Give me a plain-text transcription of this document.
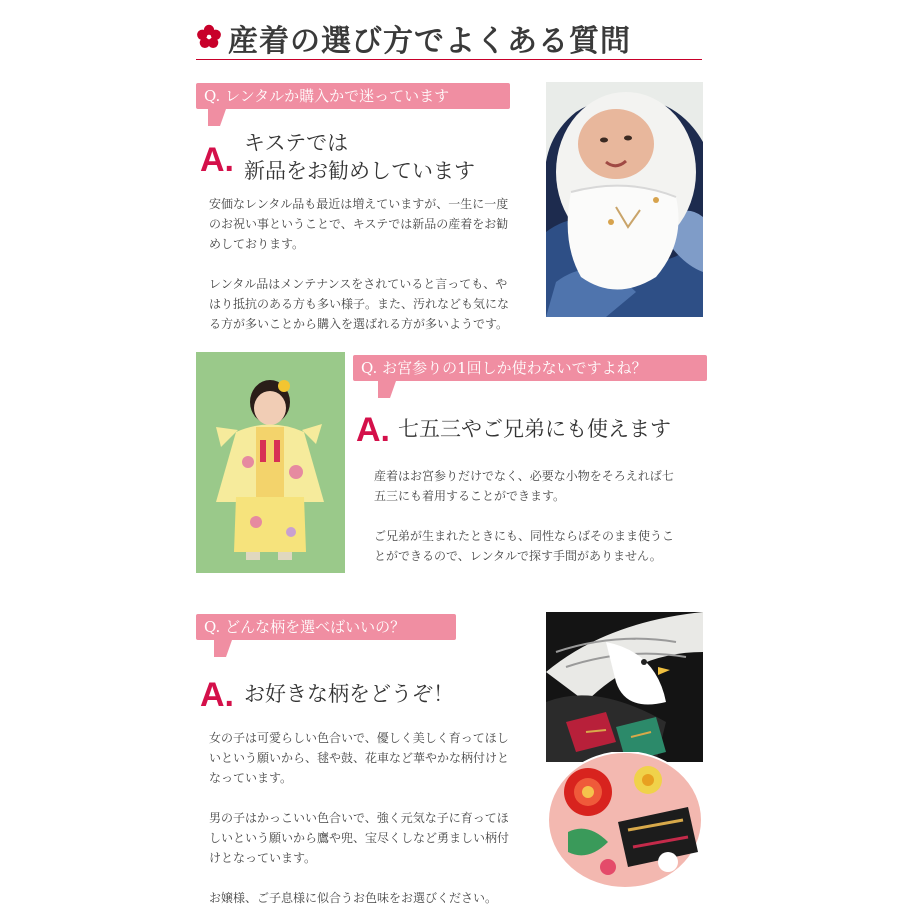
産着の選び方でよくある質問
Q. レンタルか購入かで迷っています
A. キステでは
新品をお勧めしています

安価なレンタル品も最近は増えていますが、一生に一度

のお祝い事ということで、キステでは新品の産着をお勧

めしております。

レンタル品はメンテナンスをされていると言っても、や

はり抵抗のある方も多い様子。また、汚れなども気にな

る方が多いことから購入を選ばれる方が多いようです。

Q. お宮参りの1回しか使わないですよね？
A. 七五三やご兄弟にも使えます

産着はお宮参りだけでなく、必要な小物をそろえれば七

五三にも着用することができます。

ご兄弟が生まれたときにも、同性ならばそのまま使うこ

とができるので、レンタルで探す手間がありません。

Q. どんな柄を選べばいいの？
A. お好きな柄をどうぞ！

女の子は可愛らしい色合いで、優しく美しく育ってほし

いという願いから、毬や鼓、花車など華やかな柄付けと

なっています。

男の子はかっこいい色合いで、強く元気な子に育ってほ

しいという願いから鷹や兜、宝尽くしなど勇ましい柄付

けとなっています。

お嬢様、ご子息様に似合うお色味をお選びください。
